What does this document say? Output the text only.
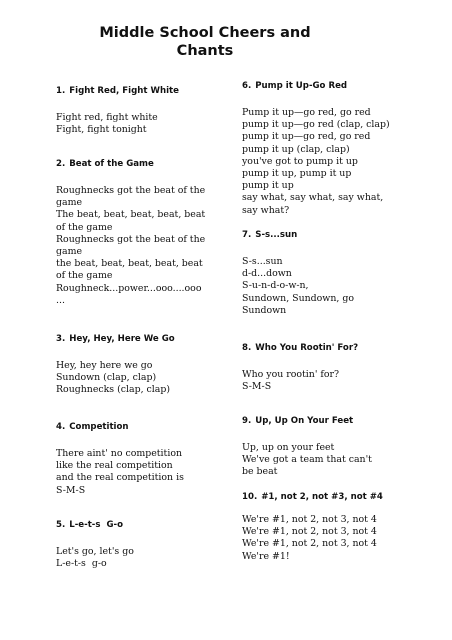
Middle School Cheers and
Chants
1. Fight Red, Fight White
Fight red, fight white
Fight, fight tonight
2. Beat of the Game
Roughnecks got the beat of the
game
The beat, beat, beat, beat, beat
of the game
Roughnecks got the beat of the
game
the beat, beat, beat, beat, beat
of the game
Roughneck...power...ooo....ooo
...
3. Hey, Hey, Here We Go
Hey, hey here we go
Sundown (clap, clap)
Roughnecks (clap, clap)
4. Competition
There aint' no competition
like the real competition
and the real competition is
S-M-S
5. L-e-t-s  G-o
Let's go, let's go
L-e-t-s  g-o
6. Pump it Up-Go Red
Pump it up—go red, go red
pump it up—go red (clap, clap)
pump it up—go red, go red
pump it up (clap, clap)
you've got to pump it up
pump it up, pump it up
pump it up
say what, say what, say what,
say what?
7. S-s...sun
S-s...sun
d-d...down
S-u-n-d-o-w-n,
Sundown, Sundown, go
Sundown
8. Who You Rootin' For?
Who you rootin' for?
S-M-S
9. Up, Up On Your Feet
Up, up on your feet
We've got a team that can't
be beat
10. #1, not 2, not #3, not #4
We're #1, not 2, not 3, not 4
We're #1, not 2, not 3, not 4
We're #1, not 2, not 3, not 4
We're #1!
